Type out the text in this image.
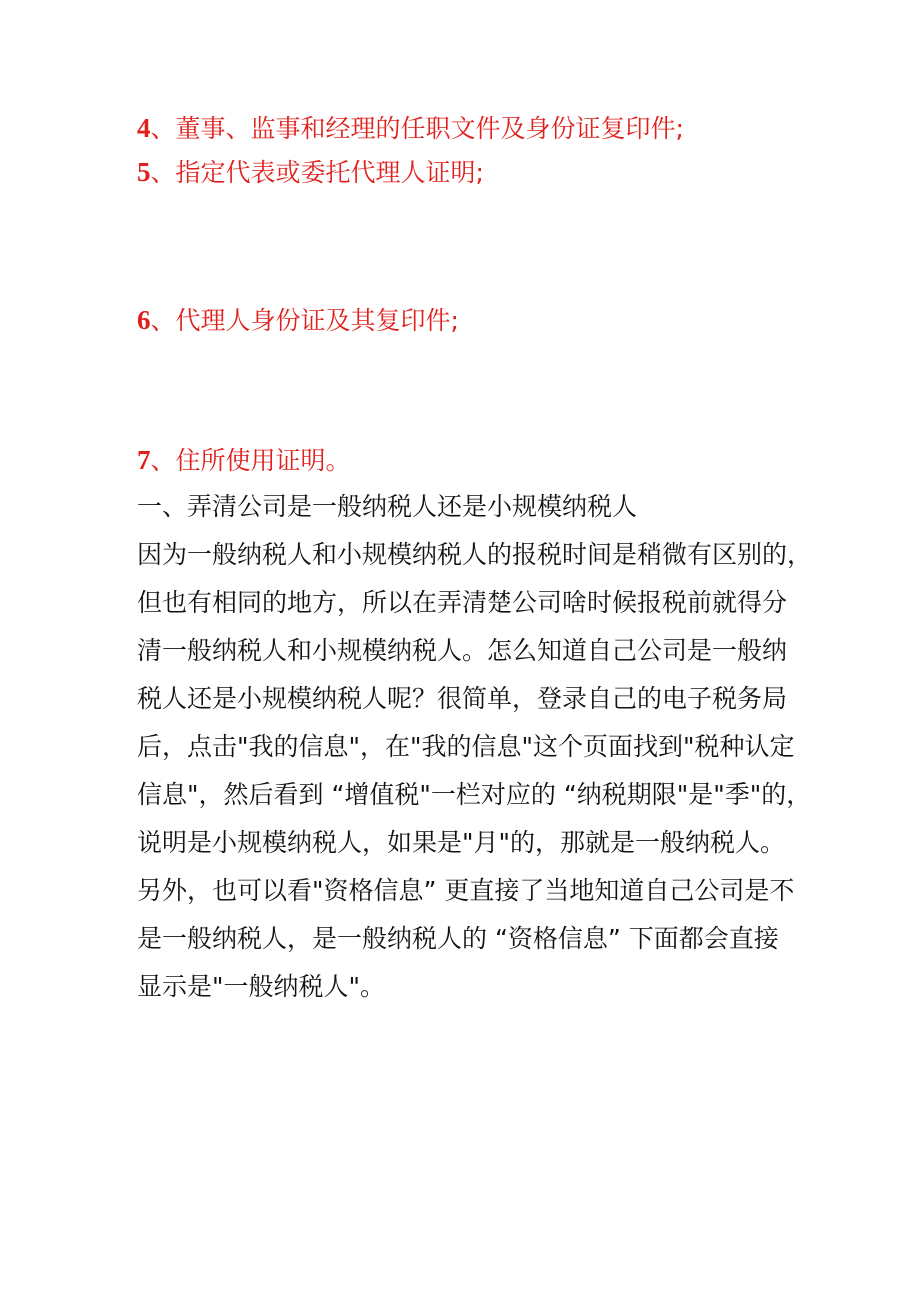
4、董事、监事和经理的任职文件及身份证复印件;
5、指定代表或委托代理人证明;
6、代理人身份证及其复印件;
7、住所使用证明。
一、弄清公司是一般纳税人还是小规模纳税人
因为一般纳税人和小规模纳税人的报税时间是稍微有区别的，
但也有相同的地方，所以在弄清楚公司啥时候报税前就得分
清一般纳税人和小规模纳税人。怎么知道自己公司是一般纳
税人还是小规模纳税人呢？很简单，登录自己的电子税务局
后，点击"我的信息"，在"我的信息"这个页面找到"税种认定
信息"，然后看到 “增值税"一栏对应的 “纳税期限"是"季"的，
说明是小规模纳税人，如果是"月"的，那就是一般纳税人。
另外，也可以看"资格信息” 更直接了当地知道自己公司是不
是一般纳税人，是一般纳税人的 “资格信息” 下面都会直接
显示是"一般纳税人"。
